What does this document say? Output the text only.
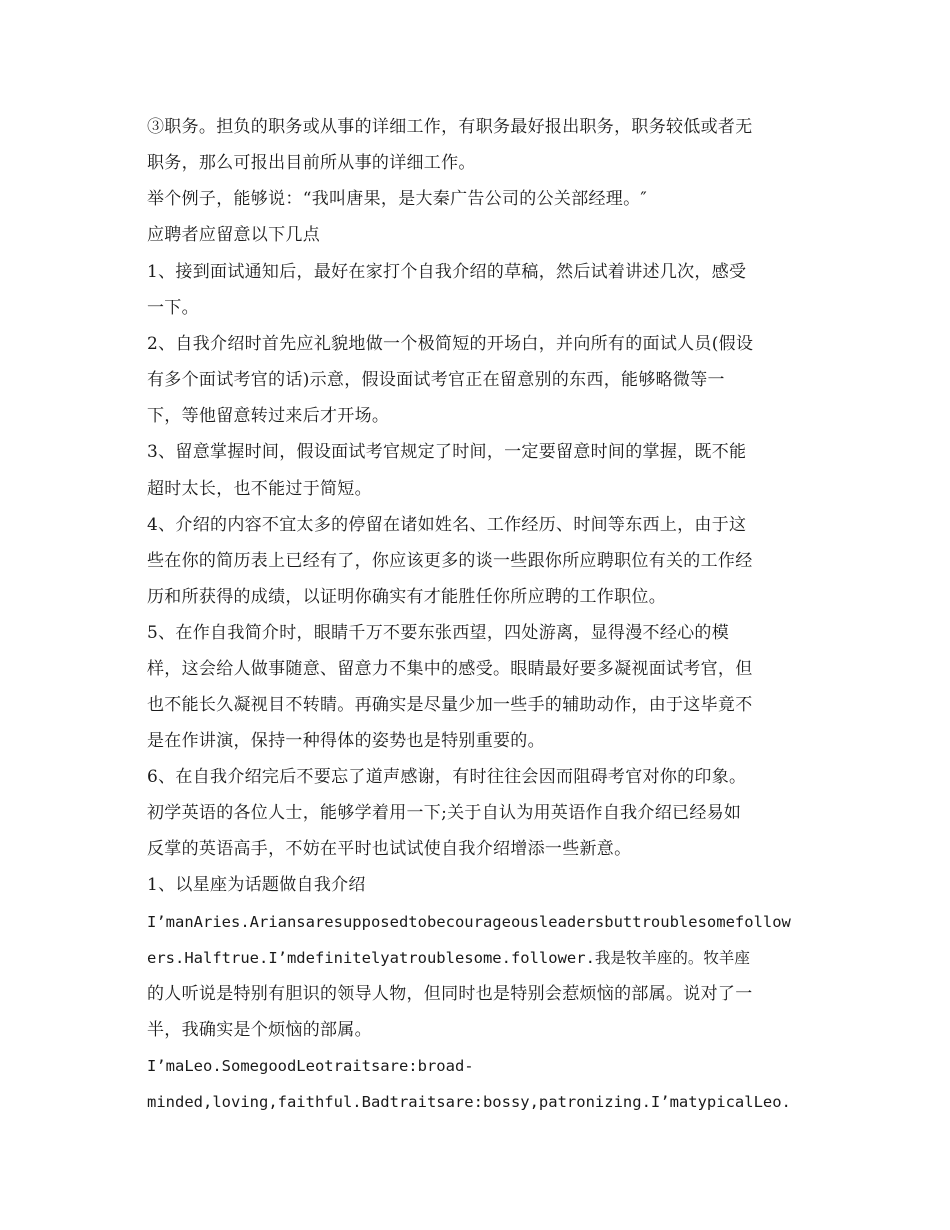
③职务。担负的职务或从事的详细工作，有职务最好报出职务，职务较低或者无
职务，那么可报出目前所从事的详细工作。
举个例子，能够说：“我叫唐果，是大秦广告公司的公关部经理。″
应聘者应留意以下几点
1、接到面试通知后，最好在家打个自我介绍的草稿，然后试着讲述几次，感受
一下。
2、自我介绍时首先应礼貌地做一个极简短的开场白，并向所有的面试人员(假设
有多个面试考官的话)示意，假设面试考官正在留意别的东西，能够略微等一
下，等他留意转过来后才开场。
3、留意掌握时间，假设面试考官规定了时间，一定要留意时间的掌握，既不能
超时太长，也不能过于简短。
4、介绍的内容不宜太多的停留在诸如姓名、工作经历、时间等东西上，由于这
些在你的简历表上已经有了，你应该更多的谈一些跟你所应聘职位有关的工作经
历和所获得的成绩，以证明你确实有才能胜任你所应聘的工作职位。
5、在作自我简介时，眼睛千万不要东张西望，四处游离，显得漫不经心的模
样，这会给人做事随意、留意力不集中的感受。眼睛最好要多凝视面试考官，但
也不能长久凝视目不转睛。再确实是尽量少加一些手的辅助动作，由于这毕竟不
是在作讲演，保持一种得体的姿势也是特别重要的。
6、在自我介绍完后不要忘了道声感谢，有时往往会因而阻碍考官对你的印象。
初学英语的各位人士，能够学着用一下;关于自认为用英语作自我介绍已经易如
反掌的英语高手，不妨在平时也试试使自我介绍增添一些新意。
1、以星座为话题做自我介绍
I’manAries.Ariansaresupposedtobecourageousleadersbuttroublesomefollow
ers.Halftrue.I’mdefinitelyatroublesome.follower.我是牧羊座的。牧羊座
的人听说是特别有胆识的领导人物，但同时也是特别会惹烦恼的部属。说对了一
半，我确实是个烦恼的部属。
I’maLeo.SomegoodLeotraitsare:broad-
minded,loving,faithful.Badtraitsare:bossy,patronizing.I’matypicalLeo.
